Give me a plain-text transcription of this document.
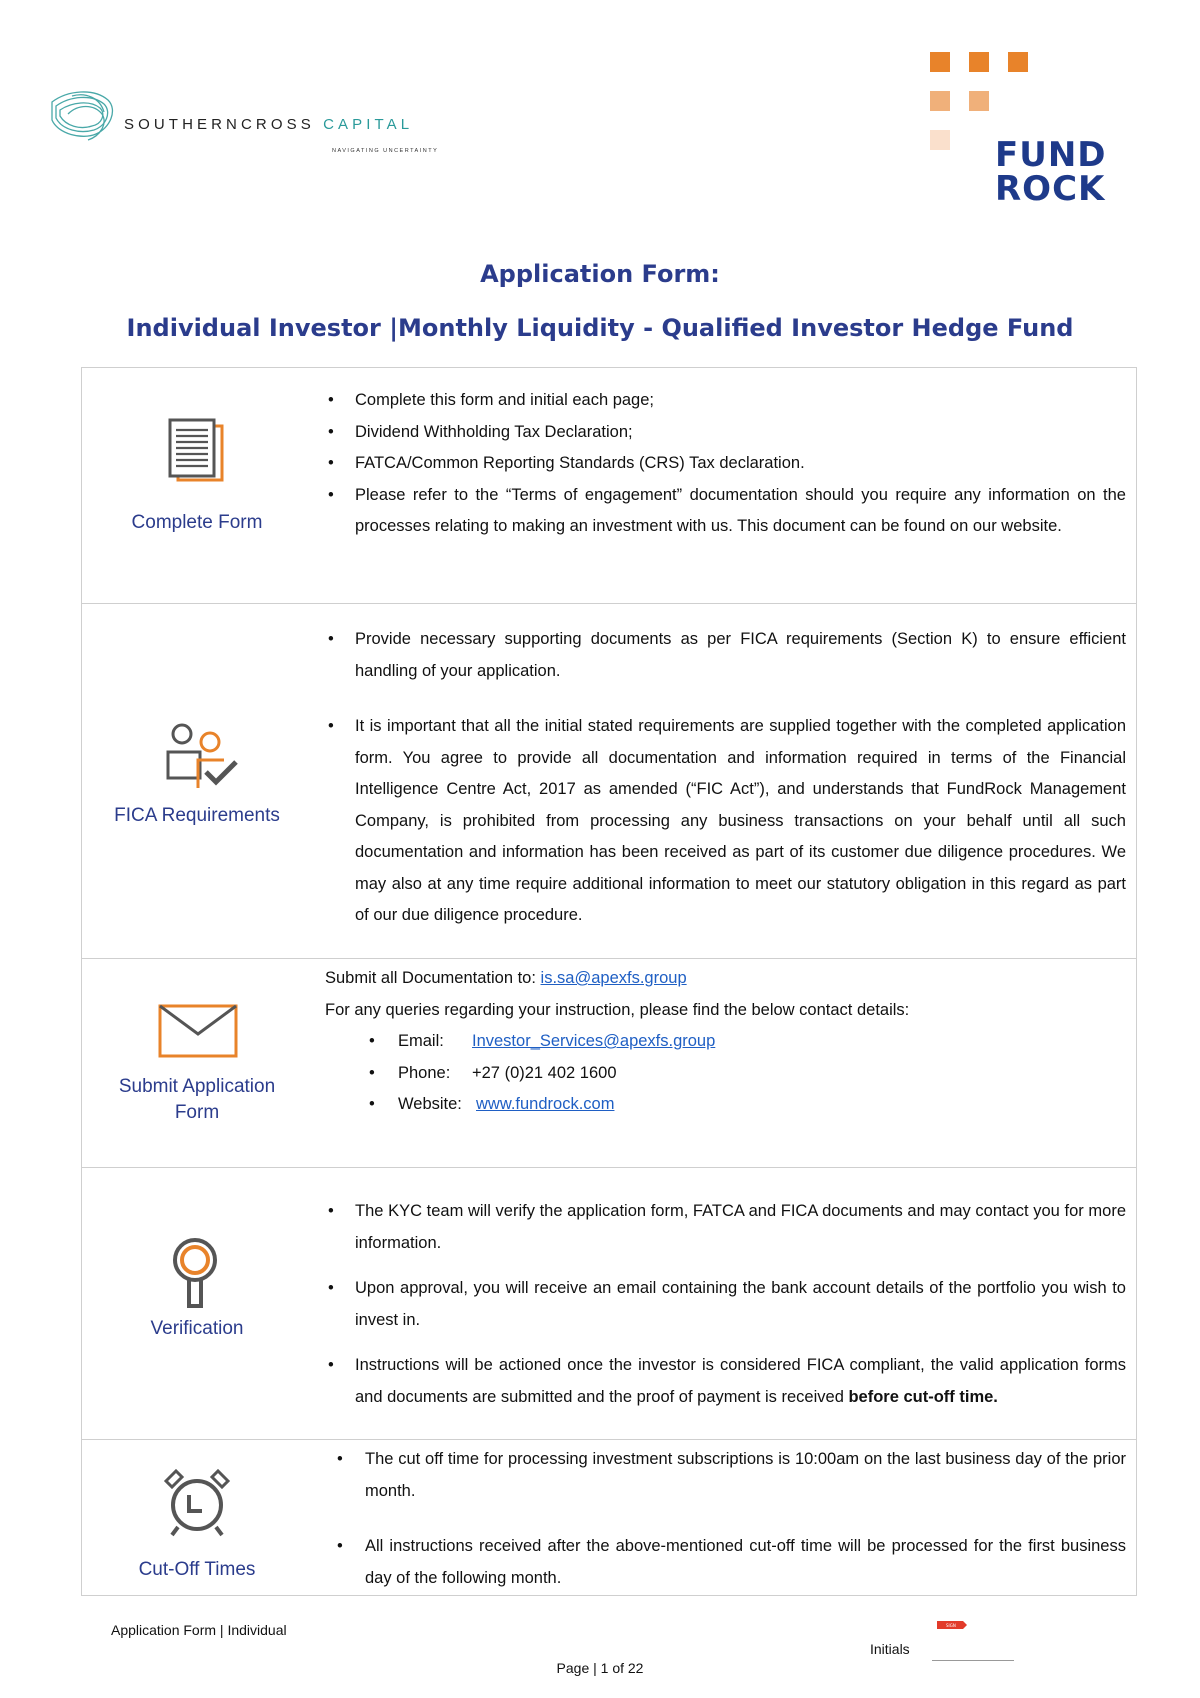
SOUTHERNCROSS CAPITAL
NAVIGATING UNCERTAINTY	FUND
ROCK
Application Form:
Individual Investor |Monthly Liquidity - Qualified Investor Hedge Fund
Complete Form
• Complete this form and initial each page;
• Dividend Withholding Tax Declaration;
• FATCA/Common Reporting Standards (CRS) Tax declaration.
• Please refer to the “Terms of engagement” documentation should you require any information on the processes relating to making an investment with us. This document can be found on our website.
FICA Requirements
• Provide necessary supporting documents as per FICA requirements (Section K) to ensure efficient handling of your application.
• It is important that all the initial stated requirements are supplied together with the completed application form. You agree to provide all documentation and information required in terms of the Financial Intelligence Centre Act, 2017 as amended (“FIC Act”), and understands that FundRock Management Company, is prohibited from processing any business transactions on your behalf until all such documentation and information has been received as part of its customer due diligence procedures. We may also at any time require additional information to meet our statutory obligation in this regard as part of our due diligence procedure.
Submit Application
Form
Submit all Documentation to: is.sa@apexfs.group
For any queries regarding your instruction, please find the below contact details:
• Email: Investor_Services@apexfs.group
• Phone: +27 (0)21 402 1600
• Website: www.fundrock.com
Verification
• The KYC team will verify the application form, FATCA and FICA documents and may contact you for more information.
• Upon approval, you will receive an email containing the bank account details of the portfolio you wish to invest in.
• Instructions will be actioned once the investor is considered FICA compliant, the valid application forms and documents are submitted and the proof of payment is received before cut-off time.
Cut-Off Times
• The cut off time for processing investment subscriptions is 10:00am on the last business day of the prior month.
• All instructions received after the above-mentioned cut-off time will be processed for the first business day of the following month.
Application Form | Individual	SIGN
Initials
Page | 1 of 22
